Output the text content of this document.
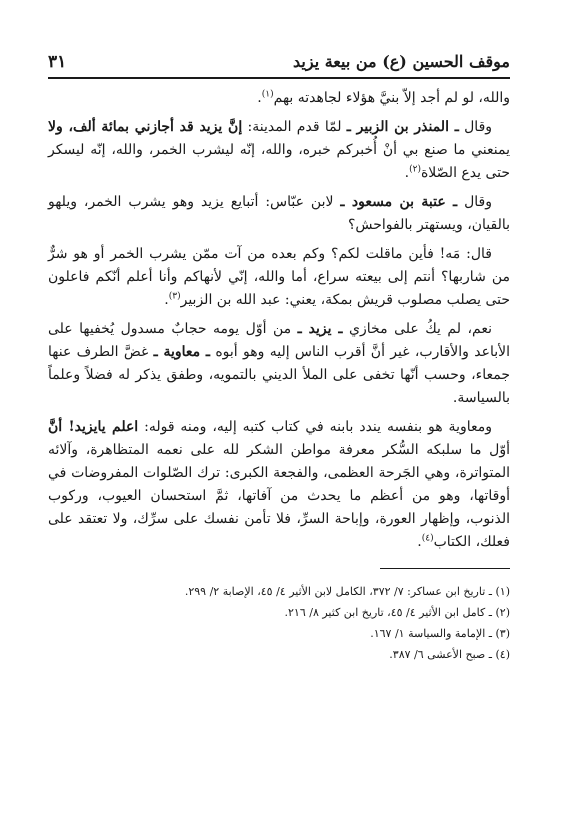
موقف الحسين (ع) من بيعة يزيد
٣١

والله، لو لم أجد إلاّ بنيَّ هؤلاء لجاهدته بهم$^{(١)}$.

وقال ـ المنذر بن الزبير ـ لمّا قدم المدينة: إنَّ يزيد قد أجازني بمائة ألف، ولا يمنعني ما صنع بي أنْ أُخبركم خبره، والله، إنّه ليشرب الخمر، والله، إنّه ليسكر حتى يدع الصّلاة$^{(٢)}$.

وقال ـ عتبة بن مسعود ـ لابن عبّاس: أتبايع يزيد وهو يشرب الخمر، ويلهو بالقيان، ويستهتر بالفواحش؟

قال: مَه! فأين ماقلت لكم؟ وكم بعده من آت ممّن يشرب الخمر أو هو شرٌّ من شاربها؟ أنتم إلى بيعته سراع، أما والله، إنّي لأنهاكم وأنا أعلم أنّكم فاعلون حتى يصلب مصلوب قريش بمكة، يعني: عبد الله بن الزبير$^{(٣)}$.

نعم، لم يكُ على مخازي ـ يزيد ـ من أوّل يومه حجابٌ مسدول يُخفيها على الأباعد والأقارب، غير أنَّ أقرب الناس إليه وهو أبوه ـ معاوية ـ غضَّ الطرف عنها جمعاء، وحسب أنّها تخفى على الملأ الديني بالتمويه، وطفق يذكر له فضلاً وعلماً بالسياسة.

ومعاوية هو بنفسه يندد بابنه في كتاب كتبه إليه، ومنه قوله: اعلم يايزيد! أنَّ أوّل ما سلبكه السُّكر معرفة مواطن الشكر لله على نعمه المتظاهرة، وآلائه المتواترة، وهي الجَرحة العظمى، والفجعة الكبرى: ترك الصّلوات المفروضات في أوقاتها، وهو من أعظم ما يحدث من آفاتها، ثمَّ استحسان العيوب، وركوب الذنوب، وإظهار العورة، وإباحة السرِّ، فلا تأمن نفسك على سرِّك، ولا تعتقد على فعلك، الكتاب$^{(٤)}$.

(١) ـ تاريخ ابن عساكر: ٧/ ٣٧٢، الكامل لابن الأثير ٤/ ٤٥، الإصابة ٢/ ٢٩٩.
(٢) ـ كامل ابن الأثير ٤/ ٤٥، تاريخ ابن كثير ٨/ ٢١٦.
(٣) ـ الإمامة والسياسة ١/ ١٦٧.
(٤) ـ صبح الأعشى ٦/ ٣٨٧.
